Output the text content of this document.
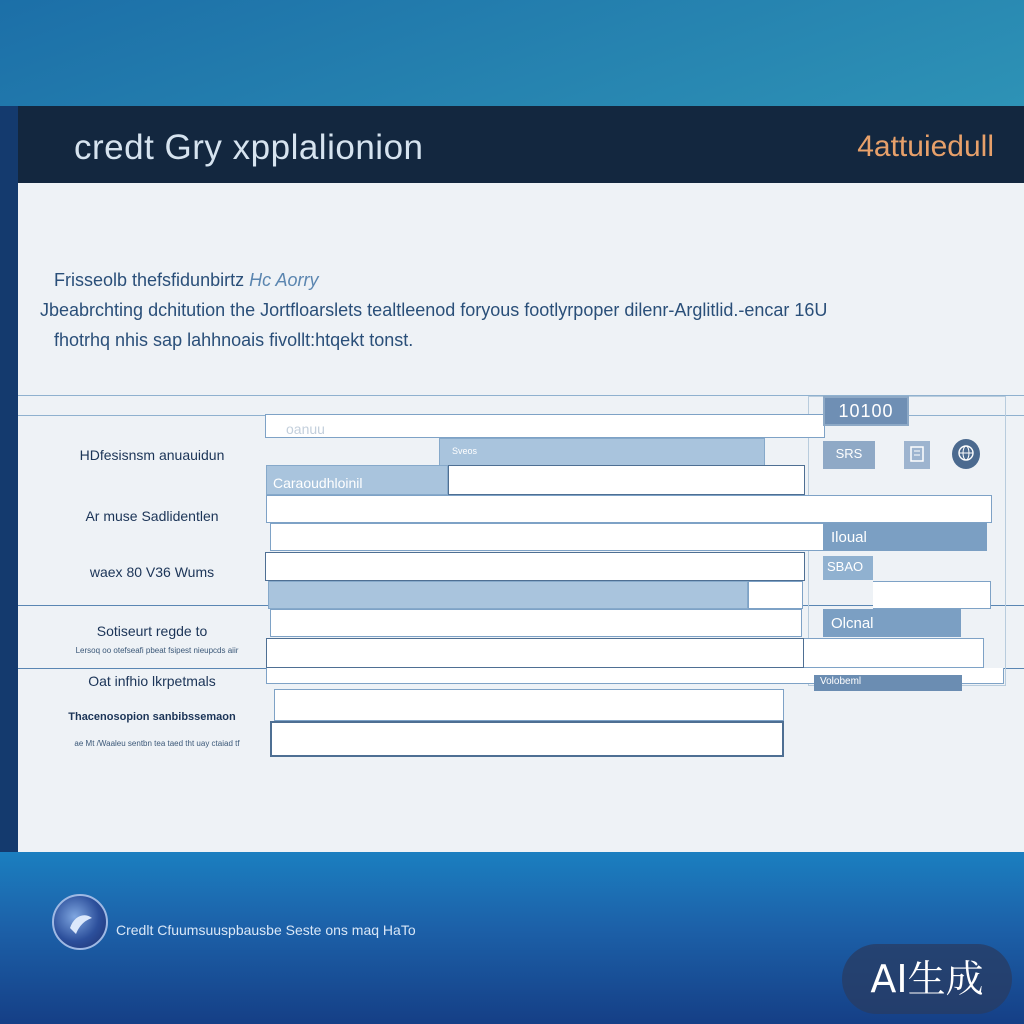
credt Gry xpplalionion	4attuiedull
Frisseolb thefsfidunbirtz Hc Aorry
Jbeabrchting dchitution the Jortfloarslets tealtleenod foryous footlyrpoper dilenr-Arglitlid.-encar 16U
fhotrhq nhis sap lahhnoais fivollt:htqekt tonst.
HDfesisnsm anuauidun
Ar muse Sadlidentlen
waex 80 V36 Wums
Sotiseurt regde to
Lersoq oo otefseafi pbeat fsipest nieupcds aiir
Oat infhio lkrpetmals
Thacenosopion sanbibssemaon
ae Mt /Waaleu sentbn tea taed tht uay ctaiad tf
oanuu
Sveos
Caraoudhloinil
Iloual
SBAO
Olcnal
Volobeml
10100
SRS
Credlt Cfuumsuuspbausbe Seste ons maq HaTo
AI生成
